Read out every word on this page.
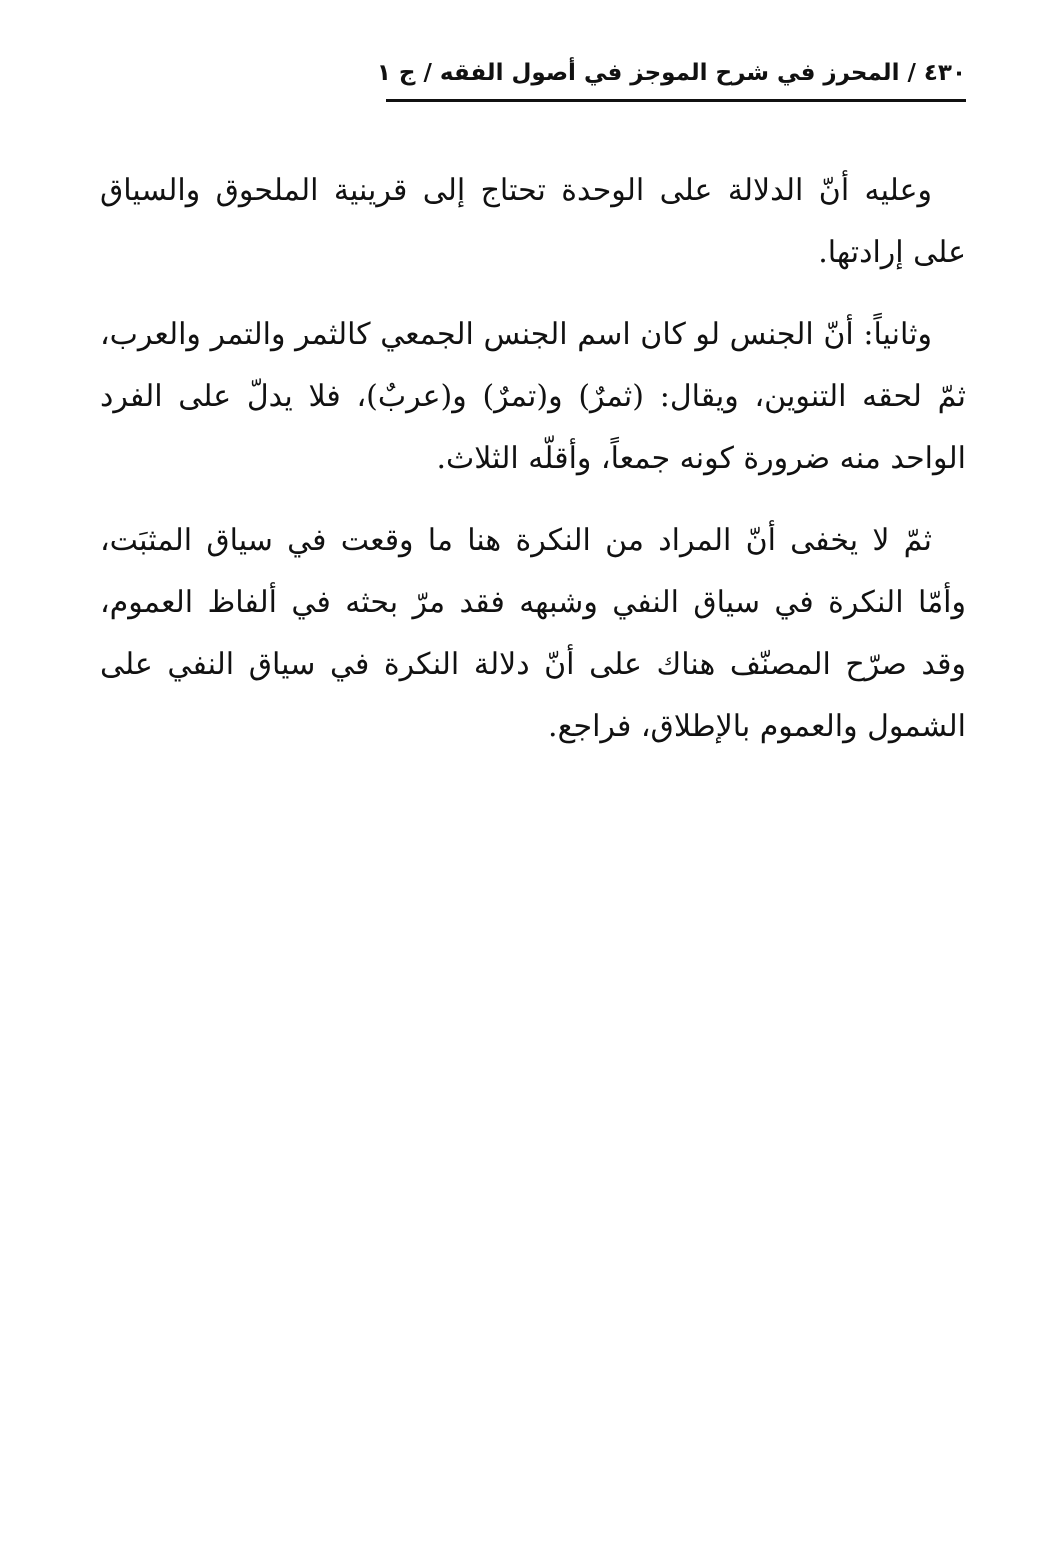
٤٣٠ / المحرز في شرح الموجز في أصول الفقه / ج ١

وعليه أنّ الدلالة على الوحدة تحتاج إلى قرينية الملحوق والسياق على إرادتها.

وثانياً: أنّ الجنس لو كان اسم الجنس الجمعي كالثمر والتمر والعرب، ثمّ لحقه التنوين، ويقال: (ثمرٌ) و(تمرٌ) و(عربٌ)، فلا يدلّ على الفرد الواحد منه ضرورة كونه جمعاً، وأقلّه الثلاث.

ثمّ لا يخفى أنّ المراد من النكرة هنا ما وقعت في سياق المثبَت، وأمّا النكرة في سياق النفي وشبهه فقد مرّ بحثه في ألفاظ العموم، وقد صرّح المصنّف هناك على أنّ دلالة النكرة في سياق النفي على الشمول والعموم بالإطلاق، فراجع.
